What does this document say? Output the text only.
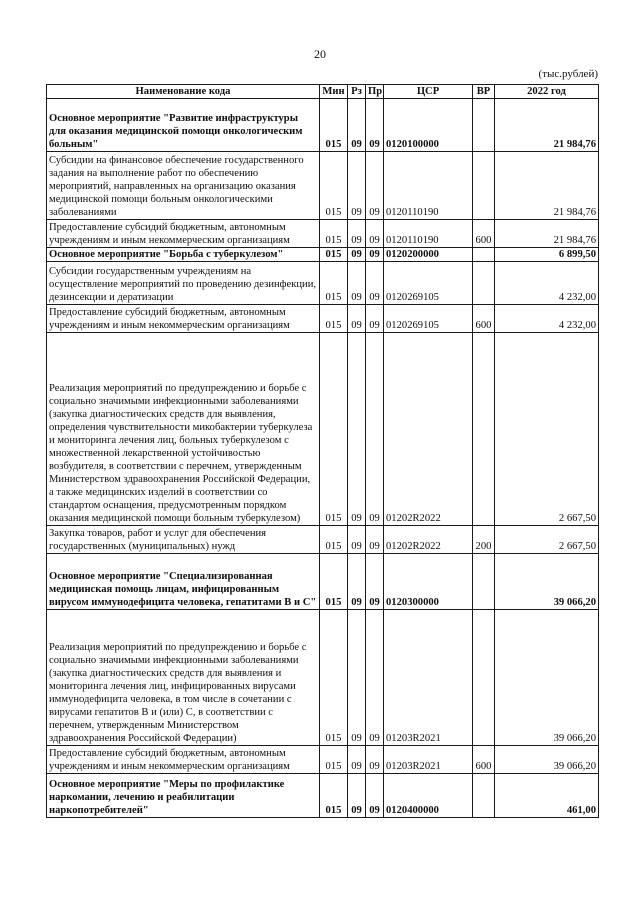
20
(тыс.рублей)
Наименование кода	Мин	Рз	Пр	ЦСР	ВР	2022 год
Основное мероприятие "Развитие инфраструктуры для оказания медицинской помощи онкологическим больным"	015	09	09	0120100000		21 984,76
Субсидии на финансовое обеспечение государственного задания на выполнение работ по обеспечению мероприятий, направленных на организацию оказания медицинской помощи больным онкологическими заболеваниями	015	09	09	0120110190		21 984,76
Предоставление субсидий бюджетным, автономным учреждениям и иным некоммерческим организациям	015	09	09	0120110190	600	21 984,76
Основное мероприятие "Борьба с туберкулезом"	015	09	09	0120200000		6 899,50
Субсидии государственным учреждениям на осуществление мероприятий по проведению дезинфекции, дезинсекции и дератизации	015	09	09	0120269105		4 232,00
Предоставление субсидий бюджетным, автономным учреждениям и иным некоммерческим организациям	015	09	09	0120269105	600	4 232,00
Реализация мероприятий по предупреждению и борьбе с социально значимыми инфекционными заболеваниями (закупка диагностических средств для выявления, определения чувствительности микобактерии туберкулеза и мониторинга лечения лиц, больных туберкулезом с множественной лекарственной устойчивостью возбудителя, в соответствии с перечнем, утвержденным Министерством здравоохранения Российской Федерации, а также медицинских изделий в соответствии со стандартом оснащения, предусмотренным порядком оказания медицинской помощи больным туберкулезом)	015	09	09	01202R2022		2 667,50
Закупка товаров, работ и услуг для обеспечения государственных (муниципальных) нужд	015	09	09	01202R2022	200	2 667,50
Основное мероприятие "Специализированная медицинская помощь лицам, инфицированным вирусом иммунодефицита человека, гепатитами В и С"	015	09	09	0120300000		39 066,20
Реализация мероприятий по предупреждению и борьбе с социально значимыми инфекционными заболеваниями (закупка диагностических средств для выявления и мониторинга лечения лиц, инфицированных вирусами иммунодефицита человека, в том числе в сочетании с вирусами гепатитов В и (или) С, в соответствии с перечнем, утвержденным Министерством здравоохранения Российской Федерации)	015	09	09	01203R2021		39 066,20
Предоставление субсидий бюджетным, автономным учреждениям и иным некоммерческим организациям	015	09	09	01203R2021	600	39 066,20
Основное мероприятие "Меры по профилактике наркомании, лечению и реабилитации наркопотребителей"	015	09	09	0120400000		461,00
